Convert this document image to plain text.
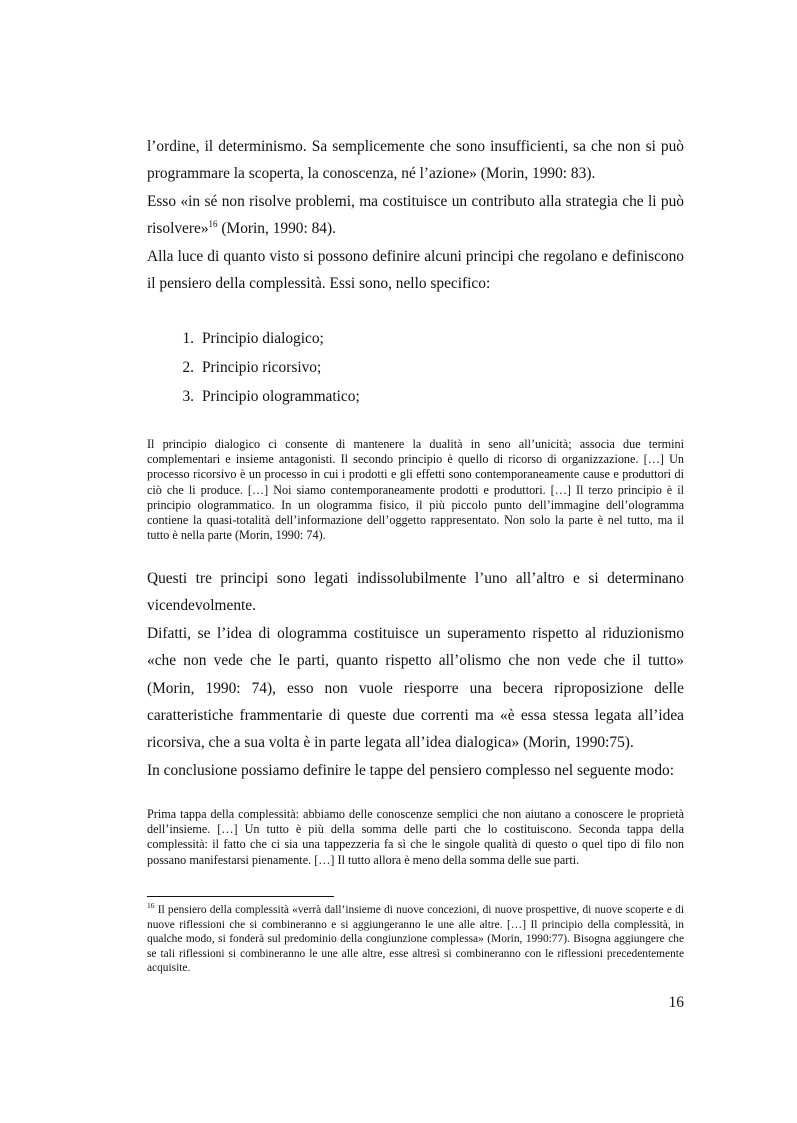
l’ordine, il determinismo. Sa semplicemente che sono insufficienti, sa che non si può programmare la scoperta, la conoscenza, né l’azione» (Morin, 1990: 83).

Esso «in sé non risolve problemi, ma costituisce un contributo alla strategia che li può risolvere»$^{16}$ (Morin, 1990: 84).

Alla luce di quanto visto si possono definire alcuni principi che regolano e definiscono il pensiero della complessità. Essi sono, nello specifico:

1. Principio dialogico;
2. Principio ricorsivo;
3. Principio ologrammatico;

Il principio dialogico ci consente di mantenere la dualità in seno all’unicità; associa due termini complementari e insieme antagonisti. Il secondo principio è quello di ricorso di organizzazione. […] Un processo ricorsivo è un processo in cui i prodotti e gli effetti sono contemporaneamente cause e produttori di ciò che li produce. […] Noi siamo contemporaneamente prodotti e produttori. […] Il terzo principio è il principio ologrammatico. In un ologramma fisico, il più piccolo punto dell’immagine dell’ologramma contiene la quasi-totalità dell’informazione dell’oggetto rappresentato. Non solo la parte è nel tutto, ma il tutto è nella parte (Morin, 1990: 74).

Questi tre principi sono legati indissolubilmente l’uno all’altro e si determinano vicendevolmente.

Difatti, se l’idea di ologramma costituisce un superamento rispetto al riduzionismo «che non vede che le parti, quanto rispetto all’olismo che non vede che il tutto» (Morin, 1990: 74), esso non vuole riesporre una becera riproposizione delle caratteristiche frammentarie di queste due correnti ma «è essa stessa legata all’idea ricorsiva, che a sua volta è in parte legata all’idea dialogica» (Morin, 1990:75).

In conclusione possiamo definire le tappe del pensiero complesso nel seguente modo:

Prima tappa della complessità: abbiamo delle conoscenze semplici che non aiutano a conoscere le proprietà dell’insieme. […] Un tutto è più della somma delle parti che lo costituiscono. Seconda tappa della complessità: il fatto che ci sia una tappezzeria fa sì che le singole qualità di questo o quel tipo di filo non possano manifestarsi pienamente. […] Il tutto allora è meno della somma delle sue parti.

$^{16}$ Il pensiero della complessità «verrà dall’insieme di nuove concezioni, di nuove prospettive, di nuove scoperte e di nuove riflessioni che si combineranno e si aggiungeranno le une alle altre. […] Il principio della complessità, in qualche modo, si fonderà sul predominio della congiunzione complessa» (Morin, 1990:77). Bisogna aggiungere che se tali riflessioni si combineranno le une alle altre, esse altresì si combineranno con le riflessioni precedentemente acquisite.

16
